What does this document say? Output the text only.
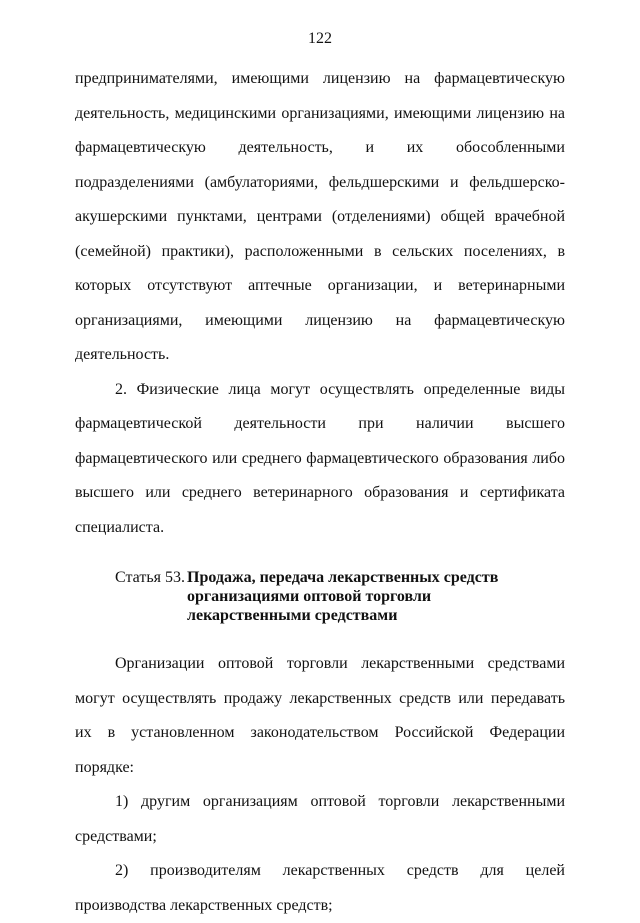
122

предпринимателями, имеющими лицензию на фармацевтическую деятельность, медицинскими организациями, имеющими лицензию на фармацевтическую деятельность, и их обособленными подразделениями (амбулаториями, фельдшерскими и фельдшерско-акушерскими пунктами, центрами (отделениями) общей врачебной (семейной) практики), расположенными в сельских поселениях, в которых отсутствуют аптечные организации, и ветеринарными организациями, имеющими лицензию на фармацевтическую деятельность.

2. Физические лица могут осуществлять определенные виды фармацевтической деятельности при наличии высшего фармацевтического или среднего фармацевтического образования либо высшего или среднего ветеринарного образования и сертификата специалиста.

Статья 53. Продажа, передача лекарственных средств организациями оптовой торговли лекарственными средствами

Организации оптовой торговли лекарственными средствами могут осуществлять продажу лекарственных средств или передавать их в установленном законодательством Российской Федерации порядке:

1) другим организациям оптовой торговли лекарственными средствами;

2) производителям лекарственных средств для целей производства лекарственных средств;
